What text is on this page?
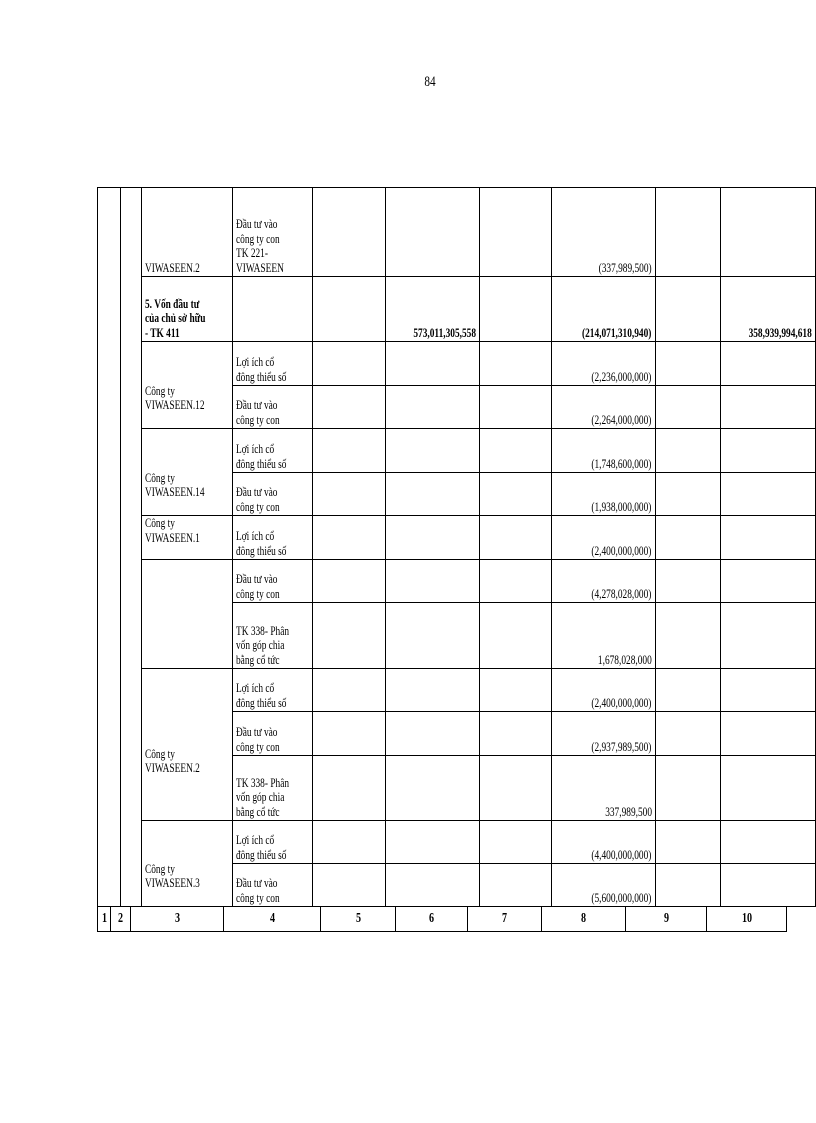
84
		VIWASEEN.2	Đầu tư vào
công ty con
TK 221-
VIWASEEN				(337,989,500)		
		5. Vốn đầu tư
của chủ sở hữu
- TK 411			573,011,305,558		(214,071,310,940)		358,939,994,618
		Công ty
VIWASEEN.12	Lợi ích cổ
đông thiểu số				(2,236,000,000)		
			Đầu tư vào
công ty con				(2,264,000,000)		
		Công ty
VIWASEEN.14	Lợi ích cổ
đông thiểu số				(1,748,600,000)		
			Đầu tư vào
công ty con				(1,938,000,000)		
		Công ty
VIWASEEN.1	Lợi ích cổ
đông thiểu số				(2,400,000,000)		
			Đầu tư vào
công ty con				(4,278,028,000)		
			TK 338- Phân
vốn góp chia
bằng cổ tức				1,678,028,000		
		Công ty
VIWASEEN.2	Lợi ích cổ
đông thiểu số				(2,400,000,000)		
			Đầu tư vào
công ty con				(2,937,989,500)		
			TK 338- Phân
vốn góp chia
bằng cổ tức				337,989,500		
		Công ty
VIWASEEN.3	Lợi ích cổ
đông thiểu số				(4,400,000,000)		
			Đầu tư vào
công ty con				(5,600,000,000)		
1	2	3	4	5	6	7	8	9	10
